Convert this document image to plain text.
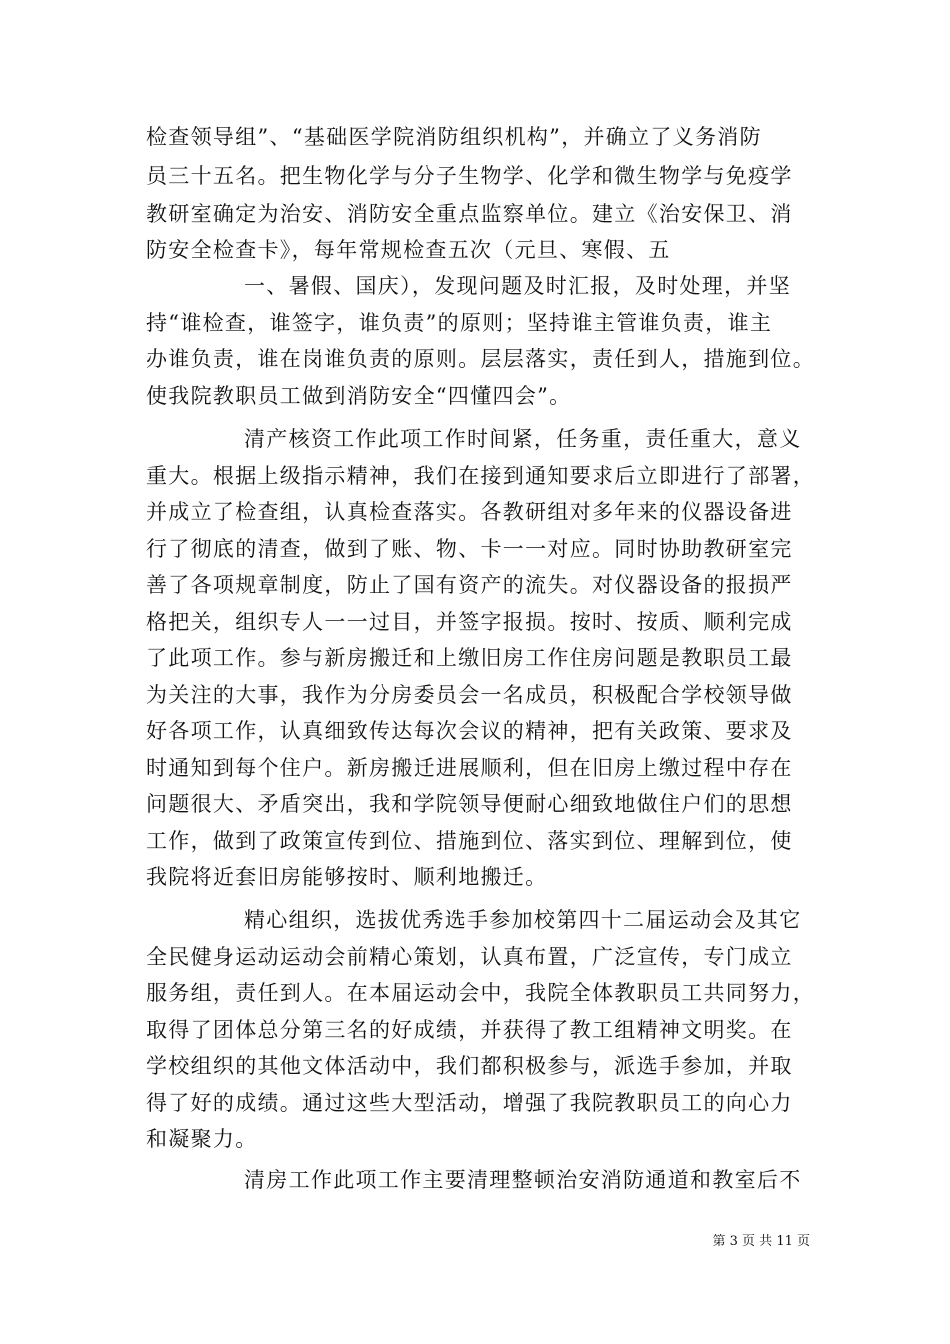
检查领导组”、“基础医学院消防组织机构”，并确立了义务消防
员三十五名。把生物化学与分子生物学、化学和微生物学与免疫学
教研室确定为治安、消防安全重点监察单位。建立《治安保卫、消
防安全检查卡》，每年常规检查五次（元旦、寒假、五
一、暑假、国庆），发现问题及时汇报，及时处理，并坚
持“谁检查，谁签字，谁负责”的原则；坚持谁主管谁负责，谁主
办谁负责，谁在岗谁负责的原则。层层落实，责任到人，措施到位。
使我院教职员工做到消防安全“四懂四会”。
清产核资工作此项工作时间紧，任务重，责任重大，意义
重大。根据上级指示精神，我们在接到通知要求后立即进行了部署，
并成立了检查组，认真检查落实。各教研组对多年来的仪器设备进
行了彻底的清查，做到了账、物、卡一一对应。同时协助教研室完
善了各项规章制度，防止了国有资产的流失。对仪器设备的报损严
格把关，组织专人一一过目，并签字报损。按时、按质、顺利完成
了此项工作。参与新房搬迁和上缴旧房工作住房问题是教职员工最
为关注的大事，我作为分房委员会一名成员，积极配合学校领导做
好各项工作，认真细致传达每次会议的精神，把有关政策、要求及
时通知到每个住户。新房搬迁进展顺利，但在旧房上缴过程中存在
问题很大、矛盾突出，我和学院领导便耐心细致地做住户们的思想
工作，做到了政策宣传到位、措施到位、落实到位、理解到位，使
我院将近套旧房能够按时、顺利地搬迁。
精心组织，选拔优秀选手参加校第四十二届运动会及其它
全民健身运动运动会前精心策划，认真布置，广泛宣传，专门成立
服务组，责任到人。在本届运动会中，我院全体教职员工共同努力，
取得了团体总分第三名的好成绩，并获得了教工组精神文明奖。在
学校组织的其他文体活动中，我们都积极参与，派选手参加，并取
得了好的成绩。通过这些大型活动，增强了我院教职员工的向心力
和凝聚力。
清房工作此项工作主要清理整顿治安消防通道和教室后不
第 3 页 共 11 页
